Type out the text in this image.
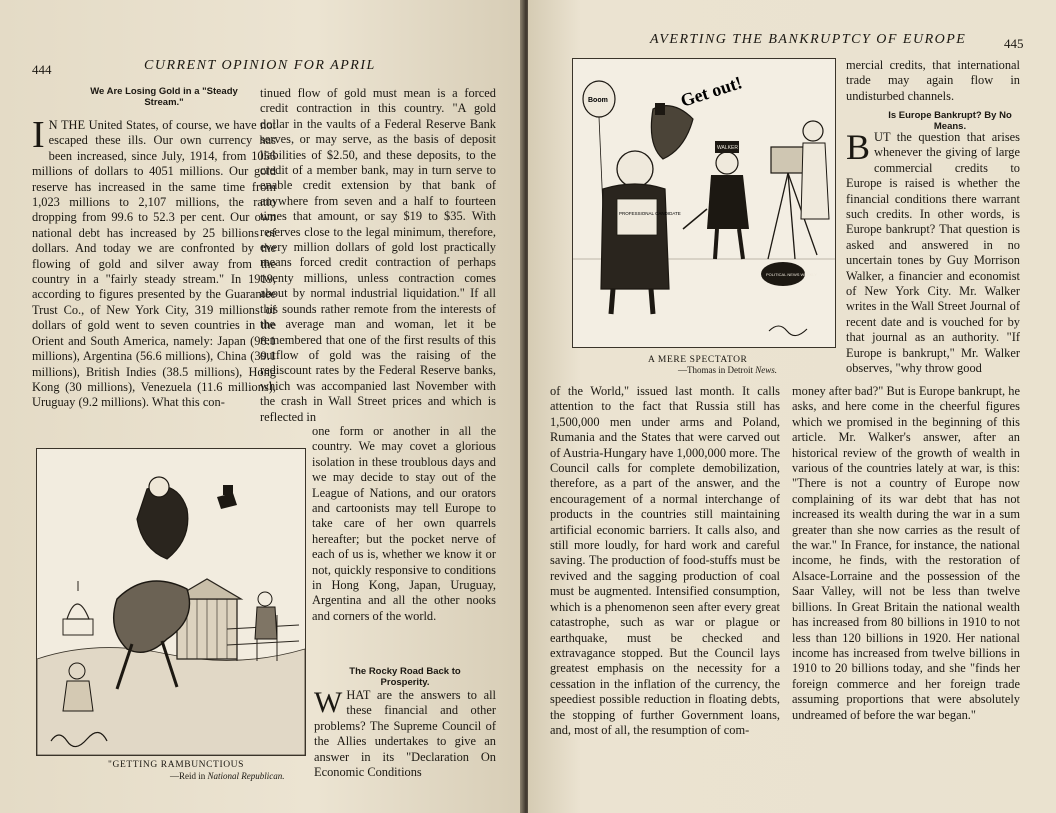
444	CURRENT OPINION FOR APRIL
We Are Losing Gold in a "Steady Stream."
I N THE United States, of course, we have not escaped these ills. Our own currency has been increased, since July, 1914, from 1056 millions of dollars to 4051 millions. Our gold reserve has increased in the same time from 1,023 millions to 2,107 millions, the ratio dropping from 99.6 to 52.3 per cent. Our own national debt has increased by 25 billions of dollars. And today we are confronted by the flowing of gold and silver away from the country in a "fairly steady stream." In 1919, according to figures presented by the Guarantee Trust Co., of New York City, 319 millions of dollars of gold went to seven countries in the Orient and South America, namely: Japan (98.1 millions), Argentina (56.6 millions), China (39.1 millions), British Indies (38.5 millions), Hong Kong (30 millions), Venezuela (11.6 millions), Uruguay (9.2 millions). What this con-
tinued flow of gold must mean is a forced credit contraction in this country. "A gold dollar in the vaults of a Federal Reserve Bank serves, or may serve, as the basis of deposit liabilities of $2.50, and these deposits, to the credit of a member bank, may in turn serve to enable credit extension by that bank of anywhere from seven and a half to fourteen times that amount, or say $19 to $35. With reserves close to the legal minimum, therefore, every million dollars of gold lost practically means forced credit contraction of perhaps twenty millions, unless contraction comes about by normal industrial liquidation." If all this sounds rather remote from the interests of the average man and woman, let it be remembered that one of the first results of this outflow of gold was the raising of the rediscount rates by the Federal Reserve banks, which was accompanied last November with the crash in Wall Street prices and which is reflected in
one form or another in all the country. We may covet a glorious isolation in these troublous days and we may decide to stay out of the League of Nations, and our orators and cartoonists may tell Europe to take care of her own quarrels hereafter; but the pocket nerve of each of us is, whether we know it or not, quickly responsive to conditions in Hong Kong, Japan, Uruguay, Argentina and all the other nooks and corners of the world.
The Rocky Road Back to Prosperity.
W HAT are the answers to all these financial and other problems? The Supreme Council of the Allies undertakes to give an answer in its "Declaration On Economic Conditions
"GETTING RAMBUNCTIOUS
—Reid in National Republican.
AVERTING THE BANKRUPTCY OF EUROPE	445
Boom	Get out!
PROFESSIONAL CANDIDATE
WALKER
POLITICAL NEWS WEEKLY
A MERE SPECTATOR
—Thomas in Detroit News.
mercial credits, that international trade may again flow in undisturbed channels.
Is Europe Bankrupt? By No Means.
B UT the question that arises whenever the giving of large commercial credits to Europe is raised is whether the financial conditions there warrant such credits. In other words, is Europe bankrupt? That question is asked and answered in no uncertain tones by Guy Morrison Walker, a financier and economist of New York City. Mr. Walker writes in the Wall Street Journal of recent date and is vouched for by that journal as an authority. "If Europe is bankrupt," Mr. Walker observes, "why throw good
of the World," issued last month. It calls attention to the fact that Russia still has 1,500,000 men under arms and Poland, Rumania and the States that were carved out of Austria-Hungary have 1,000,000 more. The Council calls for complete demobilization, therefore, as a part of the answer, and the encouragement of a normal interchange of products in the countries still maintaining artificial economic barriers. It calls also, and still more loudly, for hard work and careful saving. The production of food-stuffs must be revived and the sagging production of coal must be augmented. Intensified consumption, which is a phenomenon seen after every great catastrophe, such as war or plague or earthquake, must be checked and extravagance stopped. But the Council lays greatest emphasis on the necessity for a cessation in the inflation of the currency, the speediest possible reduction in floating debts, the stopping of further Government loans, and, most of all, the resumption of com-
money after bad?" But is Europe bankrupt, he asks, and here come in the cheerful figures which we promised in the beginning of this article. Mr. Walker's answer, after an historical review of the growth of wealth in various of the countries lately at war, is this: "There is not a country of Europe now complaining of its war debt that has not increased its wealth during the war in a sum greater than she now carries as the result of the war." In France, for instance, the national income, he finds, with the restoration of Alsace-Lorraine and the possession of the Saar Valley, will not be less than twelve billions. In Great Britain the national wealth has increased from 80 billions in 1910 to not less than 120 billions in 1920. Her national income has increased from twelve billions in 1910 to 20 billions today, and she "finds her foreign commerce and her foreign trade assuming proportions that were absolutely undreamed of before the war began."
